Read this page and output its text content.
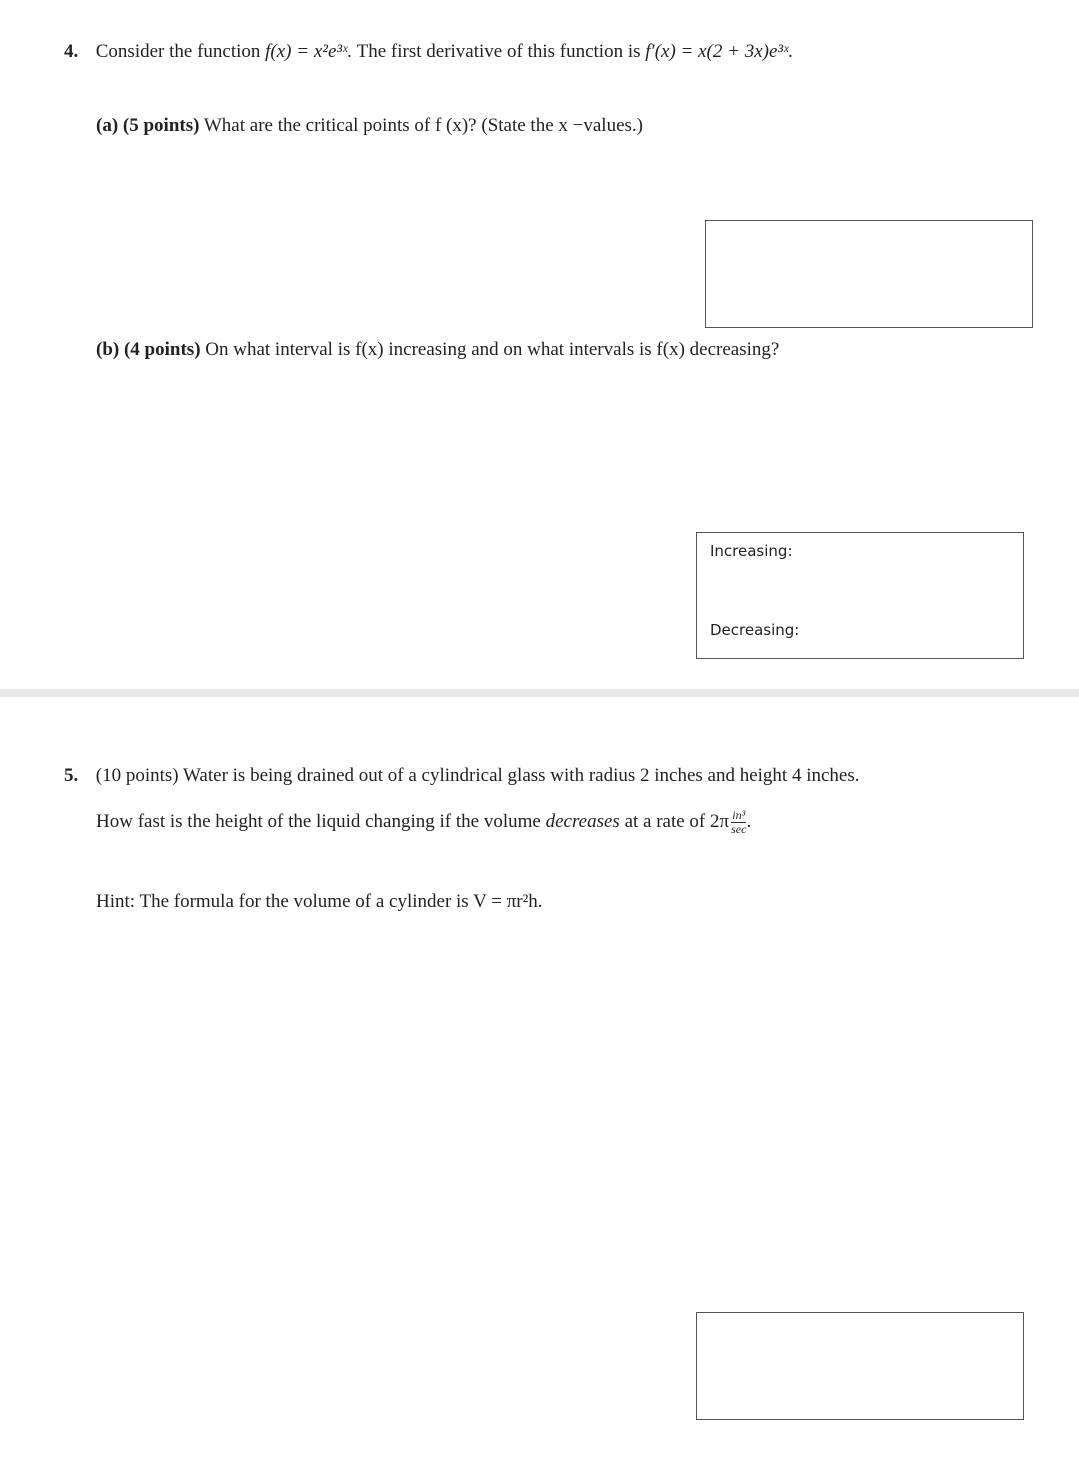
4. Consider the function f(x) = x²e³ˣ. The first derivative of this function is f′(x) = x(2 + 3x)e³ˣ.
(a) (5 points) What are the critical points of f (x)? (State the x −values.)
(b) (4 points) On what interval is f(x) increasing and on what intervals is f(x) decreasing?
Increasing:
Decreasing:
5. (10 points) Water is being drained out of a cylindrical glass with radius 2 inches and height 4 inches.
How fast is the height of the liquid changing if the volume decreases at a rate of $2\pi \frac{\text{in³}}{\sec}$ .
Hint: The formula for the volume of a cylinder is V = πr²h.
